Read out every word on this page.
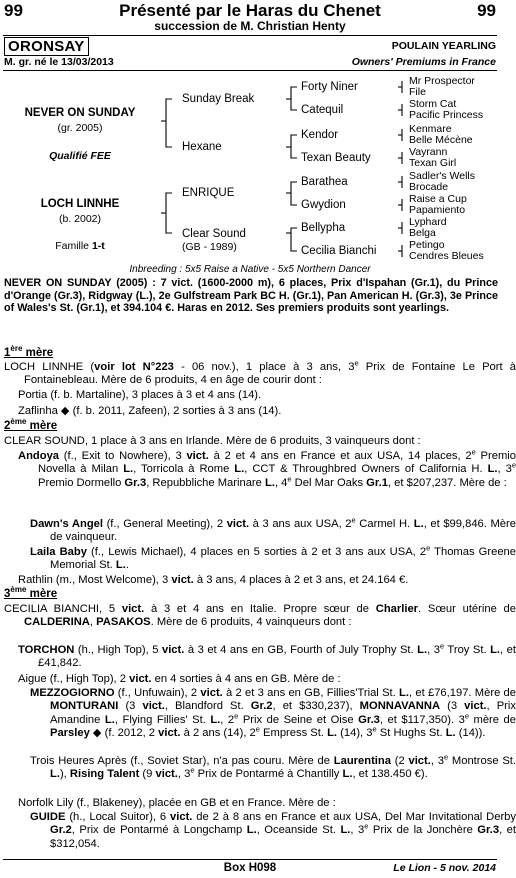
99	Présenté par le Haras du Chenet	99
succession de M. Christian Henty
ORONSAY	POULAIN YEARLING
M. gr. né le 13/03/2013	Owners' Premiums in France
NEVER ON SUNDAY
(gr. 2005)
Qualifié FEE
LOCH LINNHE
(b. 2002)
Famille 1-t
Sunday Break
Hexane
ENRIQUE
Clear Sound
(GB - 1989)
Forty Niner
Catequil
Kendor
Texan Beauty
Barathea
Gwydion
Bellypha
Cecilia Bianchi
Mr Prospector
File
Storm Cat
Pacific Princess
Kenmare
Belle Mécène
Vayrann
Texan Girl
Sadler's Wells
Brocade
Raise a Cup
Papamiento
Lyphard
Belga
Petingo
Cendres Bleues
Inbreeding : 5x5 Raise a Native - 5x5 Northern Dancer
NEVER ON SUNDAY (2005) : 7 vict. (1600-2000 m), 6 places, Prix d'Ispahan (Gr.1), du Prince d'Orange (Gr.3), Ridgway (L.), 2e Gulfstream Park BC H. (Gr.1), Pan American H. (Gr.3), 3e Prince of Wales's St. (Gr.1), et 394.104 €. Haras en 2012. Ses premiers produits sont yearlings.
1ère mère
LOCH LINNHE (voir lot N°223 - 06 nov.), 1 place à 3 ans, 3e Prix de Fontaine Le Port à Fontainebleau. Mère de 6 produits, 4 en âge de courir dont :
Portia (f. b. Martaline), 3 places à 3 et 4 ans (14).
Zaflinha ◆ (f. b. 2011, Zafeen), 2 sorties à 3 ans (14).
2ème mère
CLEAR SOUND, 1 place à 3 ans en Irlande. Mère de 6 produits, 3 vainqueurs dont :
Andoya (f., Exit to Nowhere), 3 vict. à 2 et 4 ans en France et aux USA, 14 places, 2e Premio Novella à Milan L., Torricola à Rome L., CCT & Throughbred Owners of California H. L., 3e Premio Dormello Gr.3, Repubbliche Marinare L., 4e Del Mar Oaks Gr.1, et $207,237. Mère de :
Dawn's Angel (f., General Meeting), 2 vict. à 3 ans aux USA, 2e Carmel H. L., et $99,846. Mère de vainqueur.
Laila Baby (f., Lewis Michael), 4 places en 5 sorties à 2 et 3 ans aux USA, 2e Thomas Greene Memorial St. L..
Rathlin (m., Most Welcome), 3 vict. à 3 ans, 4 places à 2 et 3 ans, et 24.164 €.
3ème mère
CECILIA BIANCHI, 5 vict. à 3 et 4 ans en Italie. Propre sœur de Charlier. Sœur utérine de CALDERINA, PASAKOS. Mère de 6 produits, 4 vainqueurs dont :
TORCHON (h., High Top), 5 vict. à 3 et 4 ans en GB, Fourth of July Trophy St. L., 3e Troy St. L., et £41,842.
Aigue (f., High Top), 2 vict. en 4 sorties à 4 ans en GB. Mère de :
MEZZOGIORNO (f., Unfuwain), 2 vict. à 2 et 3 ans en GB, Fillies'Trial St. L., et £76,197. Mère de MONTURANI (3 vict., Blandford St. Gr.2, et $330,237), MONNAVANNA (3 vict., Prix Amandine L., Flying Fillies' St. L., 2e Prix de Seine et Oise Gr.3, et $117,350). 3e mère de Parsley ◆ (f. 2012, 2 vict. à 2 ans (14), 2e Empress St. L. (14), 3e St Hughs St. L. (14)).
Trois Heures Après (f., Soviet Star), n'a pas couru. Mère de Laurentina (2 vict., 3e Montrose St. L.), Rising Talent (9 vict., 3e Prix de Pontarmé à Chantilly L., et 138.450 €).
Norfolk Lily (f., Blakeney), placée en GB et en France. Mère de :
GUIDE (h., Local Suitor), 6 vict. de 2 à 8 ans en France et aux USA, Del Mar Invitational Derby Gr.2, Prix de Pontarmé à Longchamp L., Oceanside St. L., 3e Prix de la Jonchère Gr.3, et $312,054.
Box H098	Le Lion - 5 nov. 2014
